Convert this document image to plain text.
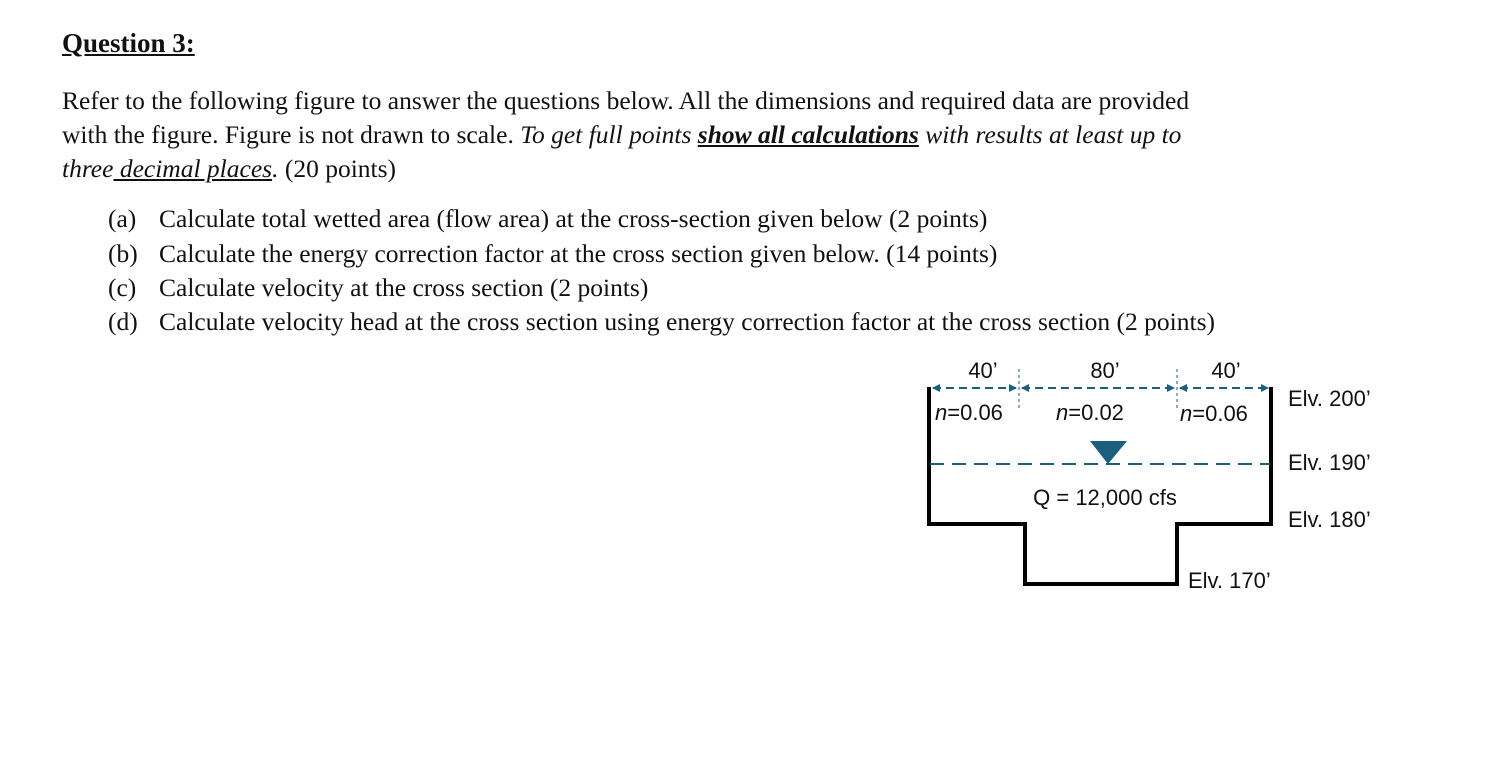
Question 3:
Refer to the following figure to answer the questions below. All the dimensions and required data are provided
with the figure. Figure is not drawn to scale. To get full points show all calculations with results at least up to
three decimal places. (20 points)
(a) Calculate total wetted area (flow area) at the cross-section given below (2 points)
(b) Calculate the energy correction factor at the cross section given below. (14 points)
(c) Calculate velocity at the cross section (2 points)
(d) Calculate velocity head at the cross section using energy correction factor at the cross section (2 points)
40’	80’	40’
n=0.06 n=0.02	n=0.06
Q = 12,000 cfs
Elv. 200’
Elv. 190’
Elv. 180’
Elv. 170’
